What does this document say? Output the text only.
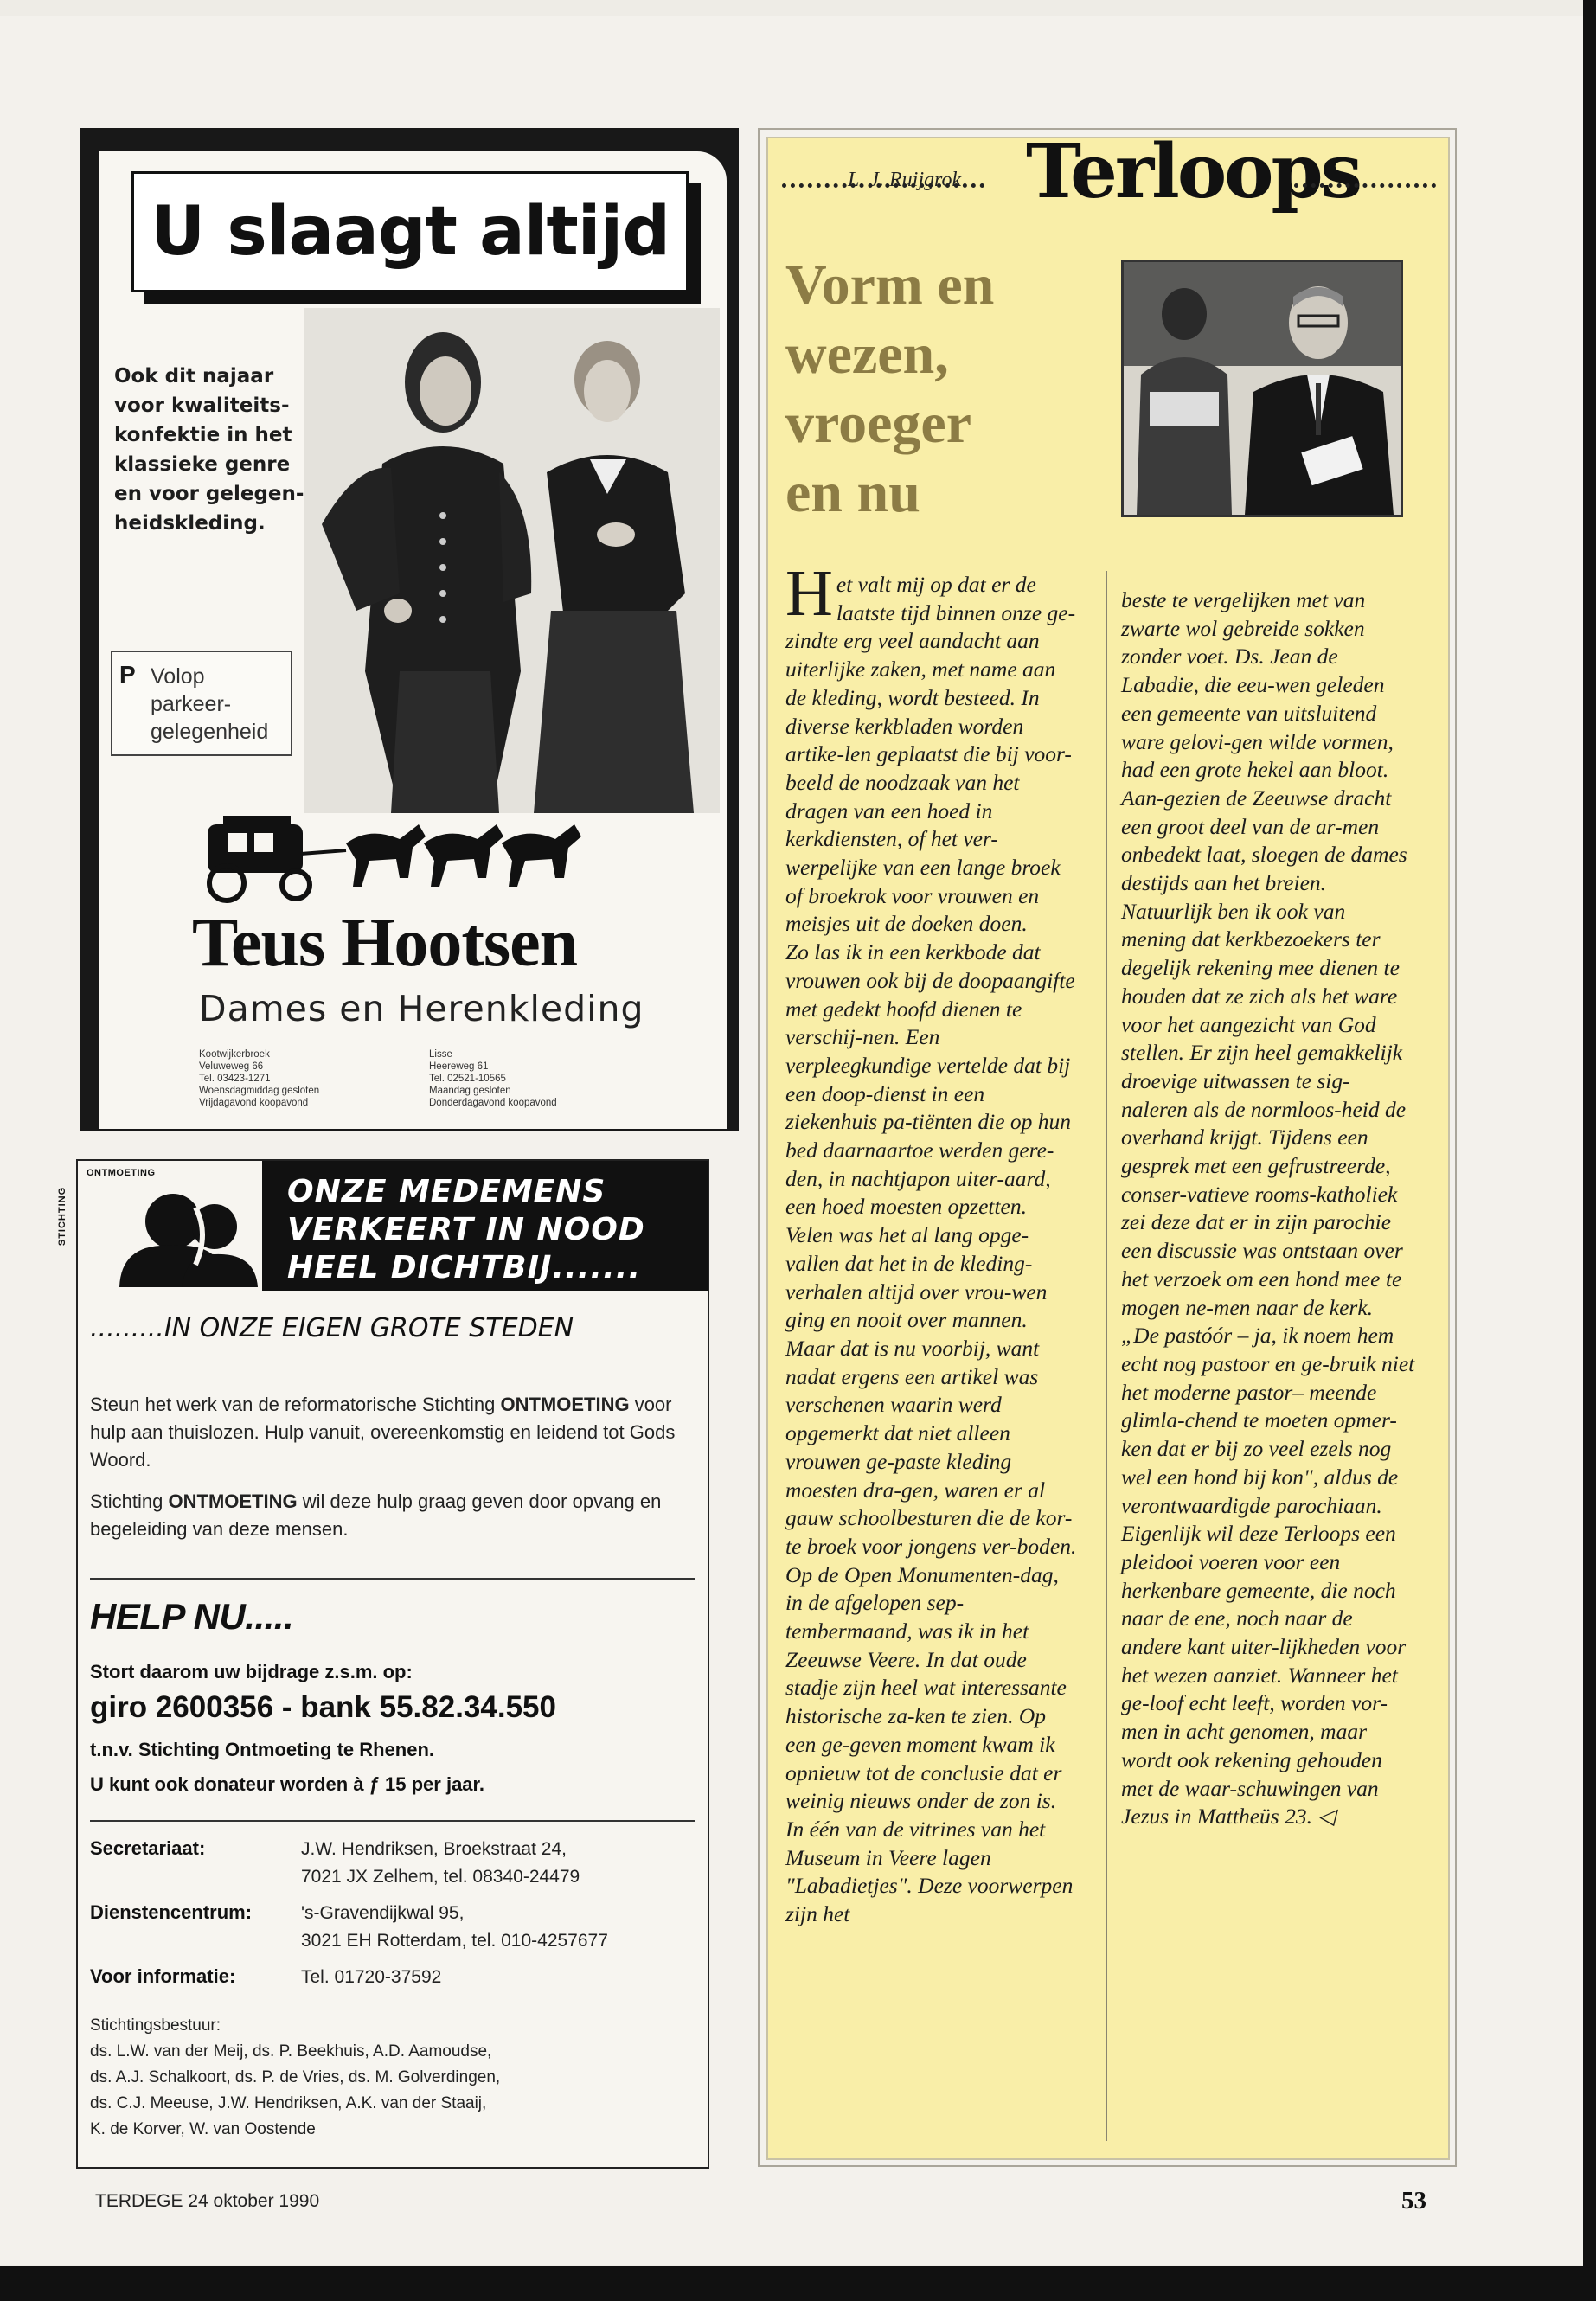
U slaagt altijd
Ook dit najaar voor kwaliteits-konfektie in het klassieke genre en voor gelegen-heidskleding.
P Volop parkeer-gelegenheid
Teus Hootsen
Dames en Herenkleding
Kootwijkerbroek
Veluweweg 66
Tel. 03423-1271
Woensdagmiddag gesloten
Vrijdagavond koopavond
Lisse
Heereweg 61
Tel. 02521-10565
Maandag gesloten
Donderdagavond koopavond
ONTMOETING
STICHTING	ONZE MEDEMENS
VERKEERT IN NOOD
HEEL DICHTBIJ.......
.........IN ONZE EIGEN GROTE STEDEN
Steun het werk van de reformatorische Stichting ONTMOETING voor hulp aan thuislozen. Hulp vanuit, overeenkomstig en leidend tot Gods Woord.
Stichting ONTMOETING wil deze hulp graag geven door opvang en begeleiding van deze mensen.
HELP NU.....
Stort daarom uw bijdrage z.s.m. op:
giro 2600356 - bank 55.82.34.550
t.n.v. Stichting Ontmoeting te Rhenen.
U kunt ook donateur worden à ƒ 15 per jaar.
Secretariaat:	J.W. Hendriksen, Broekstraat 24,
7021 JX Zelhem, tel. 08340-24479
Dienstencentrum:	's-Gravendijkwal 95,
3021 EH Rotterdam, tel. 010-4257677
Voor informatie:	Tel. 01720-37592
Stichtingsbestuur:
ds. L.W. van der Meij, ds. P. Beekhuis, A.D. Aamoudse,
ds. A.J. Schalkoort, ds. P. de Vries, ds. M. Golverdingen,
ds. C.J. Meeuse, J.W. Hendriksen, A.K. van der Staaij,
K. de Korver, W. van Oostende
L. J. Ruijgrok Terloops
Vorm en
wezen,
vroeger
en nu

Het valt mij op dat er de laatste tijd binnen onze ge-zindte erg veel aandacht aan uiterlijke zaken, met name aan de kleding, wordt besteed. In diverse kerkbladen worden artike-len geplaatst die bij voor-beeld de noodzaak van het dragen van een hoed in kerkdiensten, of het ver-werpelijke van een lange broek of broekrok voor vrouwen en meisjes uit de doeken doen.

Zo las ik in een kerkbode dat vrouwen ook bij de doopaangifte met gedekt hoofd dienen te verschij-nen. Een verpleegkundige vertelde dat bij een doop-dienst in een ziekenhuis pa-tiënten die op hun bed daarnaartoe werden gere-den, in nachtjapon uiter-aard, een hoed moesten opzetten.

Velen was het al lang opge-vallen dat het in de kleding-verhalen altijd over vrou-wen ging en nooit over mannen. Maar dat is nu voorbij, want nadat ergens een artikel was verschenen waarin werd opgemerkt dat niet alleen vrouwen ge-paste kleding moesten dra-gen, waren er al gauw schoolbesturen die de kor-te broek voor jongens ver-boden.

Op de Open Monumenten-dag, in de afgelopen sep-tembermaand, was ik in het Zeeuwse Veere. In dat oude stadje zijn heel wat interessante historische za-ken te zien. Op een ge-geven moment kwam ik opnieuw tot de conclusie dat er weinig nieuws onder de zon is. In één van de vitrines van het Museum in Veere lagen "Labadietjes". Deze voorwerpen zijn het

beste te vergelijken met van zwarte wol gebreide sokken zonder voet. Ds. Jean de Labadie, die eeu-wen geleden een gemeente van uitsluitend ware gelovi-gen wilde vormen, had een grote hekel aan bloot. Aan-gezien de Zeeuwse dracht een groot deel van de ar-men onbedekt laat, sloegen de dames destijds aan het breien.

Natuurlijk ben ik ook van mening dat kerkbezoekers ter degelijk rekening mee dienen te houden dat ze zich als het ware voor het aangezicht van God stellen. Er zijn heel gemakkelijk droevige uitwassen te sig-naleren als de normloos-heid de overhand krijgt. Tijdens een gesprek met een gefrustreerde, conser-vatieve rooms-katholiek zei deze dat er in zijn parochie een discussie was ontstaan over het verzoek om een hond mee te mogen ne-men naar de kerk. „De pastóór – ja, ik noem hem echt nog pastoor en ge-bruik niet het moderne pastor– meende glimla-chend te moeten opmer-ken dat er bij zo veel ezels nog wel een hond bij kon", aldus de verontwaardigde parochiaan.

Eigenlijk wil deze Terloops een pleidooi voeren voor een herkenbare gemeente, die noch naar de ene, noch naar de andere kant uiter-lijkheden voor het wezen aanziet. Wanneer het ge-loof echt leeft, worden vor-men in acht genomen, maar wordt ook rekening gehouden met de waar-schuwingen van Jezus in Mattheüs 23. ◁

TERDEGE 24 oktober 1990	53
